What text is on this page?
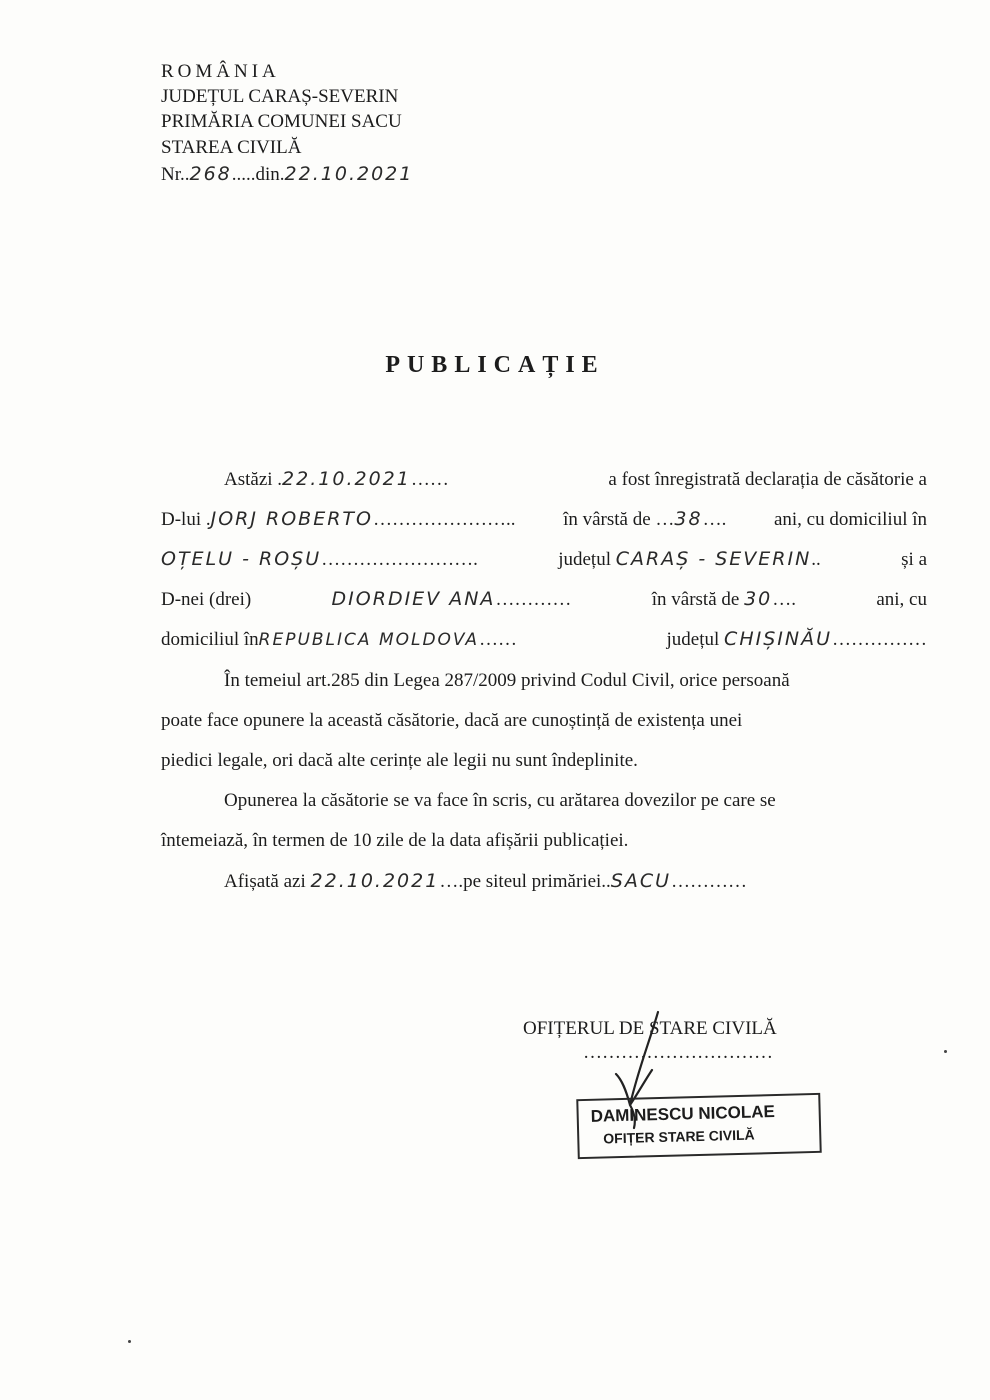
ROMÂNIA
JUDEȚUL CARAȘ-SEVERIN
PRIMĂRIA COMUNEI SACU
STAREA CIVILĂ
Nr..268.....din.22.10.2021
PUBLICAȚIE
Astăzi .22.10.2021……	a fost înregistrată declarația de căsătorie a
D-lui .JORJ ROBERTO…………………..	în vârstă de …38….	ani, cu domiciliul în
OȚELU - ROȘU…………………….	județul CARAȘ - SEVERIN..	și a
D-nei (drei)	DIORDIEV ANA…………	în vârstă de 30….	ani, cu
domiciliul înREPUBLICA MOLDOVA……	județul CHIȘINĂU……………
În temeiul art.285 din Legea 287/2009 privind Codul Civil, orice persoană
poate face opunere la această căsătorie, dacă are cunoștință de existența unei
piedici legale, ori dacă alte cerințe ale legii nu sunt îndeplinite.
Opunerea la căsătorie se va face în scris, cu arătarea dovezilor pe care se
întemeiază, în termen de 10 zile de la data afișării publicației.
Afișată azi 22.10.2021….pe siteul primăriei..SACU…………
OFIȚERUL DE STARE CIVILĂ
…………………………
DAMINESCU NICOLAE
OFIȚER STARE CIVILĂ
